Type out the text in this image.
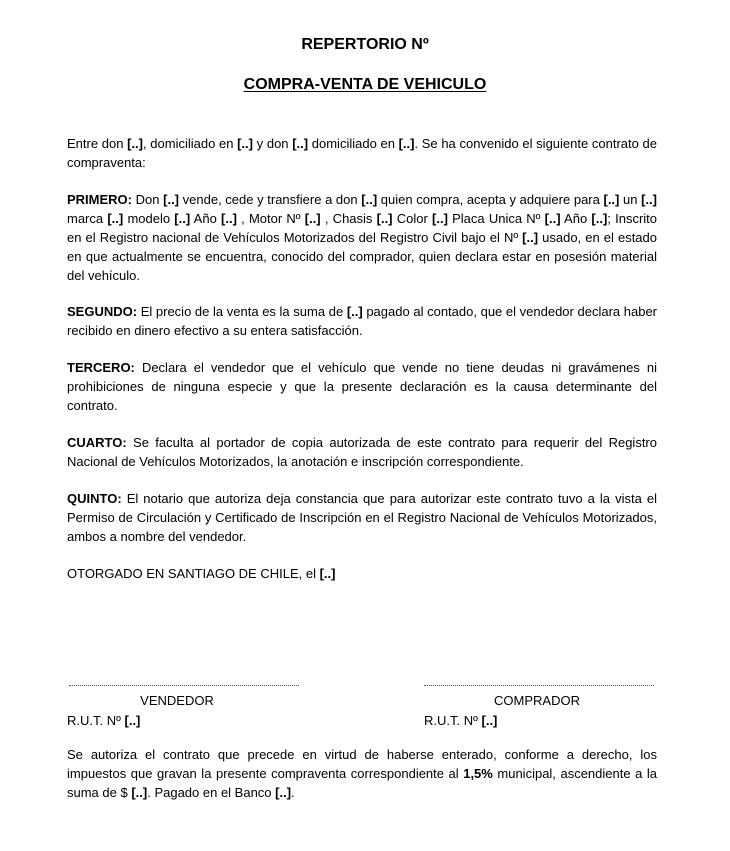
REPERTORIO Nº
COMPRA-VENTA DE VEHICULO

Entre don [..], domiciliado en [..] y don [..] domiciliado en [..]. Se ha convenido el siguiente contrato de compraventa:

PRIMERO: Don [..] vende, cede y transfiere a don [..] quien compra, acepta y adquiere para [..] un [..] marca [..] modelo [..] Año [..] , Motor Nº [..] , Chasis [..] Color [..] Placa Unica Nº [..] Año [..]; Inscrito en el Registro nacional de Vehículos Motorizados del Registro Civil bajo el Nº [..] usado, en el estado en que actualmente se encuentra, conocido del comprador, quien declara estar en posesión material del vehículo.

SEGUNDO: El precio de la venta es la suma de [..] pagado al contado, que el vendedor declara haber recibido en dinero efectivo a su entera satisfacción.

TERCERO: Declara el vendedor que el vehículo que vende no tiene deudas ni gravámenes ni prohibiciones de ninguna especie y que la presente declaración es la causa determinante del contrato.

CUARTO: Se faculta al portador de copia autorizada de este contrato para requerir del Registro Nacional de Vehículos Motorizados, la anotación e inscripción correspondiente.

QUINTO: El notario que autoriza deja constancia que para autorizar este contrato tuvo a la vista el Permiso de Circulación y Certificado de Inscripción en el Registro Nacional de Vehículos Motorizados, ambos a nombre del vendedor.

OTORGADO EN SANTIAGO DE CHILE, el [..]

VENDEDOR	COMPRADOR

R.U.T. Nº [..]	R.U.T. Nº [..]

Se autoriza el contrato que precede en virtud de haberse enterado, conforme a derecho, los impuestos que gravan la presente compraventa correspondiente al 1,5% municipal, ascendiente a la suma de $ [..]. Pagado en el Banco [..].
